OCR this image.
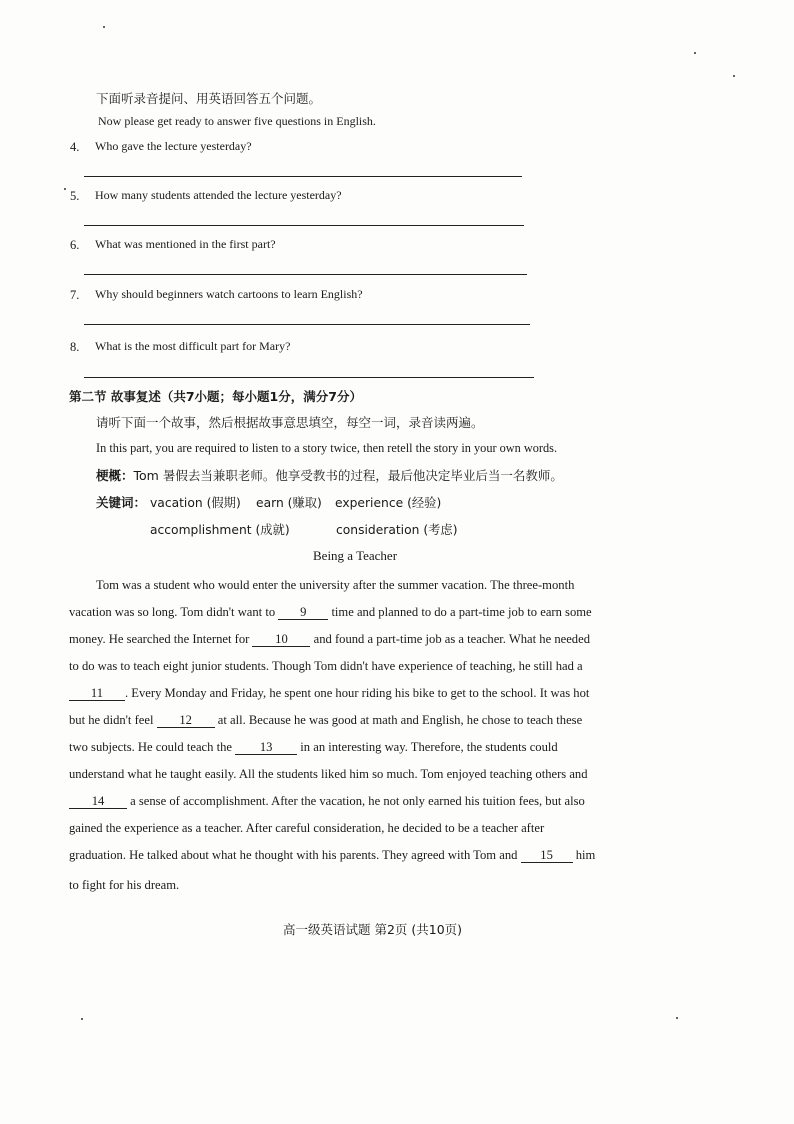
下面听录音提问、用英语回答五个问题。
Now please get ready to answer five questions in English.
4. Who gave the lecture yesterday?
5. How many students attended the lecture yesterday?
6. What was mentioned in the first part?
7. Why should beginners watch cartoons to learn English?
8. What is the most difficult part for Mary?
第二节 故事复述（共7小题；每小题1分，满分7分）
请听下面一个故事，然后根据故事意思填空，每空一词，录音读两遍。
In this part, you are required to listen to a story twice, then retell the story in your own words.
梗概：Tom 暑假去当兼职老师。他享受教书的过程，最后他决定毕业后当一名教师。
关键词： vacation (假期) earn (赚取) experience (经验)
accomplishment (成就)	consideration (考虑)
Being a Teacher
Tom was a student who would enter the university after the summer vacation. The three-month
vacation was so long. Tom didn't want to 9 time and planned to do a part-time job to earn some
money. He searched the Internet for 10 and found a part-time job as a teacher. What he needed
to do was to teach eight junior students. Though Tom didn't have experience of teaching, he still had a
11 . Every Monday and Friday, he spent one hour riding his bike to get to the school. It was hot
but he didn't feel 12 at all. Because he was good at math and English, he chose to teach these
two subjects. He could teach the 13 in an interesting way. Therefore, the students could
understand what he taught easily. All the students liked him so much. Tom enjoyed teaching others and
14 a sense of accomplishment. After the vacation, he not only earned his tuition fees, but also
gained the experience as a teacher. After careful consideration, he decided to be a teacher after
graduation. He talked about what he thought with his parents. They agreed with Tom and 15 him
to fight for his dream.
高一级英语试题 第2页 (共10页)
